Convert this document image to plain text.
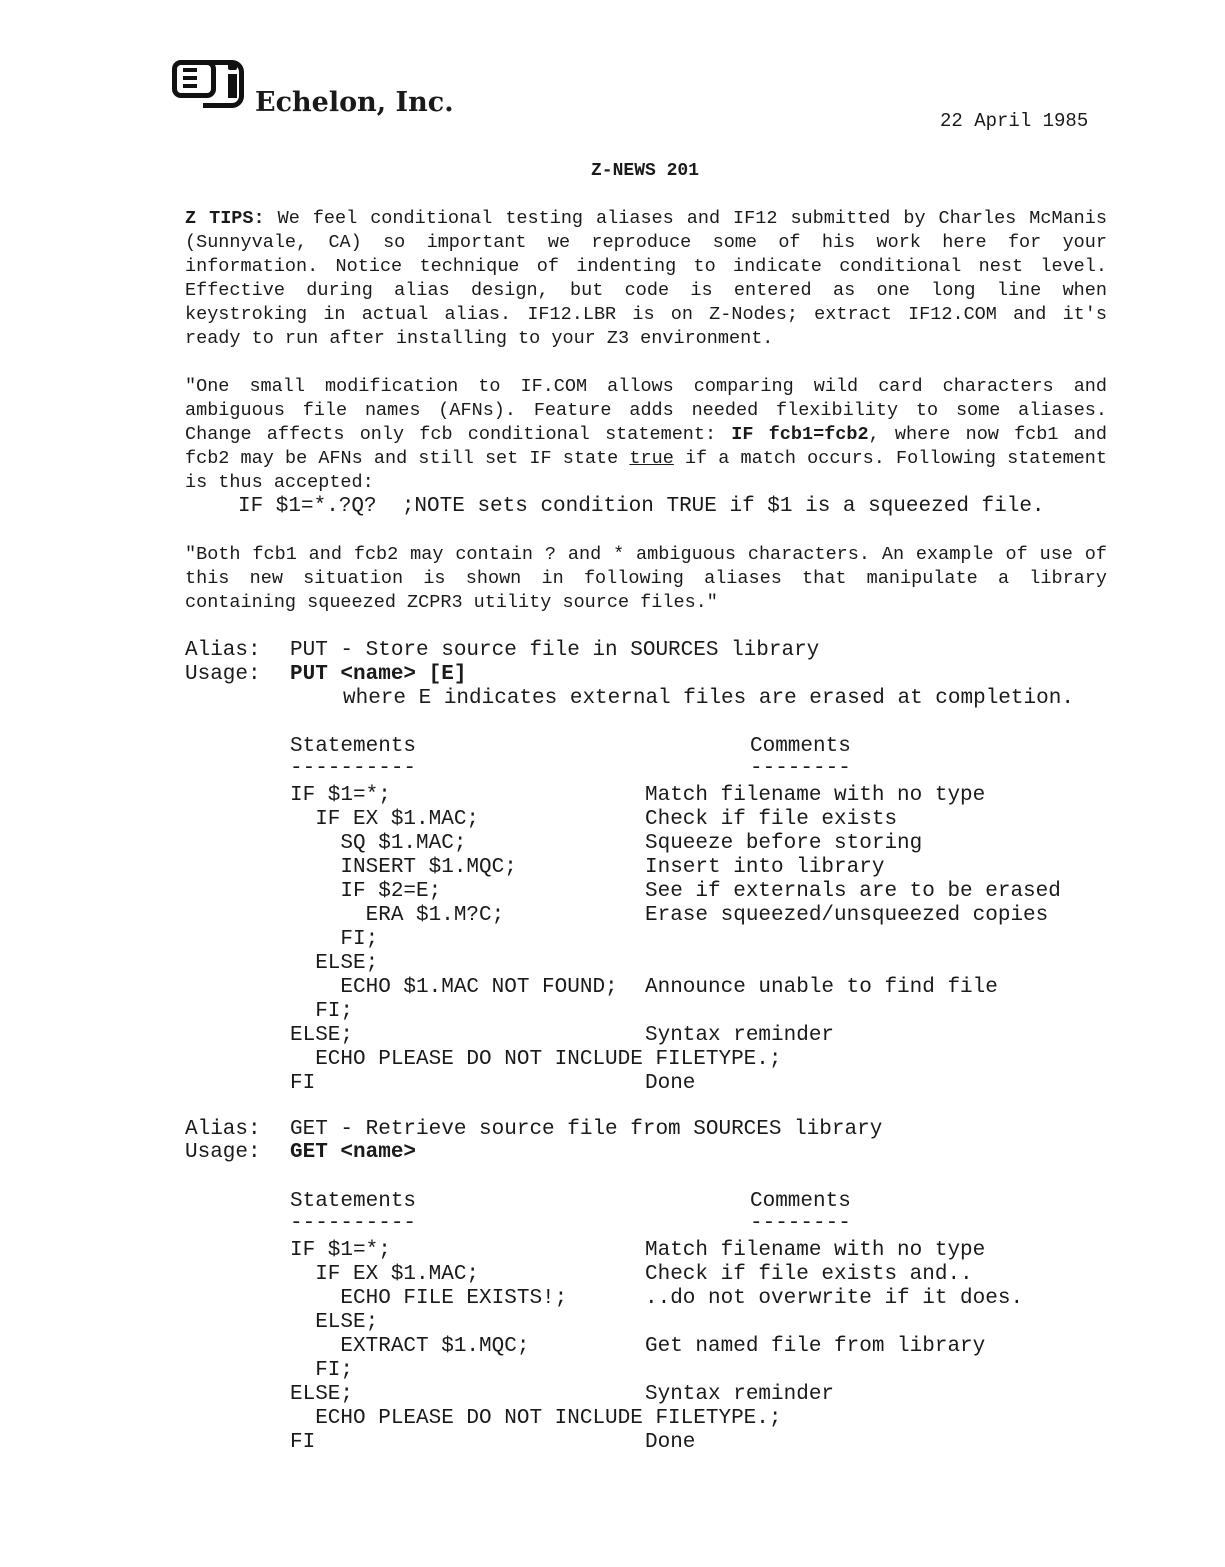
Echelon, Inc.
22 April 1985
Z-NEWS 201

Z TIPS: We feel conditional testing aliases and IF12 submitted by Charles McManis (Sunnyvale, CA) so important we reproduce some of his work here for your information. Notice technique of indenting to indicate conditional nest level. Effective during alias design, but code is entered as one long line when keystroking in actual alias. IF12.LBR is on Z-Nodes; extract IF12.COM and it's ready to run after installing to your Z3 environment.

"One small modification to IF.COM allows comparing wild card characters and ambiguous file names (AFNs). Feature adds needed flexibility to some aliases. Change affects only fcb conditional statement: IF fcb1=fcb2, where now fcb1 and fcb2 may be AFNs and still set IF state true if a match occurs. Following statement is thus accepted:

IF $1=*.?Q?  ;NOTE sets condition TRUE if $1 is a squeezed file.

"Both fcb1 and fcb2 may contain ? and * ambiguous characters. An example of use of this new situation is shown in following aliases that manipulate a library containing squeezed ZCPR3 utility source files."

Alias: PUT - Store source file in SOURCES library
Usage: PUT <name> [E]
where E indicates external files are erased at completion.
Statements	Comments
----------	--------
IF $1=*;	Match filename with no type
IF EX $1.MAC;	Check if file exists
SQ $1.MAC;	Squeeze before storing
INSERT $1.MQC;	Insert into library
IF $2=E;	See if externals are to be erased
ERA $1.M?C;	Erase squeezed/unsqueezed copies
FI;
ELSE;
ECHO $1.MAC NOT FOUND; Announce unable to find file
FI;
ELSE;	Syntax reminder
ECHO PLEASE DO NOT INCLUDE FILETYPE.;
FI	Done
Alias: GET - Retrieve source file from SOURCES library
Usage: GET <name>
Statements	Comments
----------	--------
IF $1=*;	Match filename with no type
IF EX $1.MAC;	Check if file exists and..
ECHO FILE EXISTS!;	..do not overwrite if it does.
ELSE;
EXTRACT $1.MQC;	Get named file from library
FI;
ELSE;	Syntax reminder
ECHO PLEASE DO NOT INCLUDE FILETYPE.;
FI	Done
